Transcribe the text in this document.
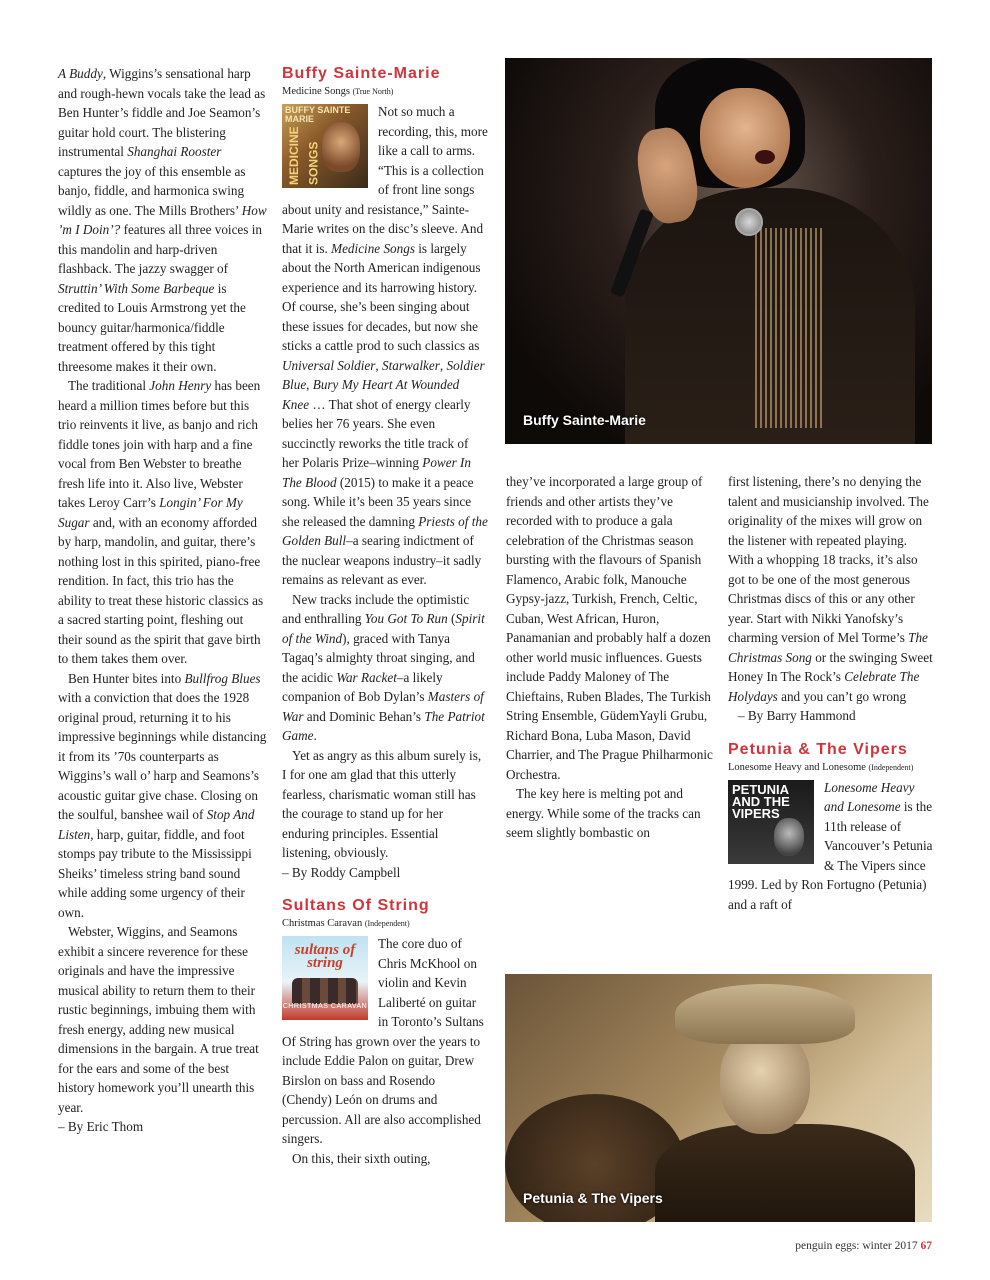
A Buddy, Wiggins’s sensational harp and rough-hewn vocals take the lead as Ben Hunter’s fiddle and Joe Seamon’s guitar hold court. The blistering instrumental Shanghai Rooster captures the joy of this ensemble as banjo, fiddle, and harmonica swing wildly as one. The Mills Brothers’ How ’m I Doin’? features all three voices in this mandolin and harp-driven flashback. The jazzy swagger of Struttin’ With Some Barbeque is credited to Louis Armstrong yet the bouncy guitar/harmonica/fiddle treatment offered by this tight threesome makes it their own.

The traditional John Henry has been heard a million times before but this trio reinvents it live, as banjo and rich fiddle tones join with harp and a fine vocal from Ben Webster to breathe fresh life into it. Also live, Webster takes Leroy Carr’s Longin’ For My Sugar and, with an economy afforded by harp, mandolin, and guitar, there’s nothing lost in this spirited, piano-free rendition. In fact, this trio has the ability to treat these historic classics as a sacred starting point, fleshing out their sound as the spirit that gave birth to them takes them over.

Ben Hunter bites into Bullfrog Blues with a conviction that does the 1928 original proud, returning it to his impressive beginnings while distancing it from its ’70s counterparts as Wiggins’s wall o’ harp and Seamons’s acoustic guitar give chase. Closing on the soulful, banshee wail of Stop And Listen, harp, guitar, fiddle, and foot stomps pay tribute to the Mississippi Sheiks’ timeless string band sound while adding some urgency of their own.

Webster, Wiggins, and Seamons exhibit a sincere reverence for these originals and have the impressive musical ability to return them to their rustic beginnings, imbuing them with fresh energy, adding new musical dimensions in the bargain. A true treat for the ears and some of the best history homework you’ll unearth this year.

– By Eric Thom

Buffy Sainte-Marie
Medicine Songs (True North)
BUFFY SAINTE MARIE
MEDICINE SONGS

Not so much a recording, this, more like a call to arms. “This is a collection of front line songs about unity and resistance,” Sainte-Marie writes on the disc’s sleeve. And that it is. Medicine Songs is largely about the North American indigenous experience and its harrowing history. Of course, she’s been singing about these issues for decades, but now she sticks a cattle prod to such classics as Universal Soldier, Starwalker, Soldier Blue, Bury My Heart At Wounded Knee … That shot of energy clearly belies her 76 years. She even succinctly reworks the title track of her Polaris Prize–winning Power In The Blood (2015) to make it a peace song. While it’s been 35 years since she released the damning Priests of the Golden Bull–a searing indictment of the nuclear weapons industry–it sadly remains as relevant as ever.

New tracks include the optimistic and enthralling You Got To Run (Spirit of the Wind), graced with Tanya Tagaq’s almighty throat singing, and the acidic War Racket–a likely companion of Bob Dylan’s Masters of War and Dominic Behan’s The Patriot Game.

Yet as angry as this album surely is, I for one am glad that this utterly fearless, charismatic woman still has the courage to stand up for her enduring principles. Essential listening, obviously.

– By Roddy Campbell

Sultans Of String
Christmas Caravan (Independent)
sultans of string
CHRISTMAS CARAVAN

The core duo of Chris McKhool on violin and Kevin Laliberté on guitar in Toronto’s Sultans Of String has grown over the years to include Eddie Palon on guitar, Drew Birslon on bass and Rosendo (Chendy) León on drums and percussion. All are also accomplished singers.

On this, their sixth outing,

Buffy Sainte-Marie

they’ve incorporated a large group of friends and other artists they’ve recorded with to produce a gala celebration of the Christmas season bursting with the flavours of Spanish Flamenco, Arabic folk, Manouche Gypsy-jazz, Turkish, French, Celtic, Cuban, West African, Huron, Panamanian and probably half a dozen other world music influences. Guests include Paddy Maloney of The Chieftains, Ruben Blades, The Turkish String Ensemble, GüdemYayli Grubu, Richard Bona, Luba Mason, David Charrier, and The Prague Philharmonic Orchestra.

The key here is melting pot and energy. While some of the tracks can seem slightly bombastic on

first listening, there’s no denying the talent and musicianship involved. The originality of the mixes will grow on the listener with repeated playing. With a whopping 18 tracks, it’s also got to be one of the most generous Christmas discs of this or any other year. Start with Nikki Yanofsky’s charming version of Mel Torme’s The Christmas Song or the swinging Sweet Honey In The Rock’s Celebrate The Holydays and you can’t go wrong

– By Barry Hammond

Petunia & The Vipers
Lonesome Heavy and Lonesome (Independent)
PETUNIA AND THE VIPERS

Lonesome Heavy and Lonesome is the 11th release of Vancouver’s Petunia & The Vipers since 1999. Led by Ron Fortugno (Petunia) and a raft of

Petunia & The Vipers
penguin eggs: winter 2017 67
